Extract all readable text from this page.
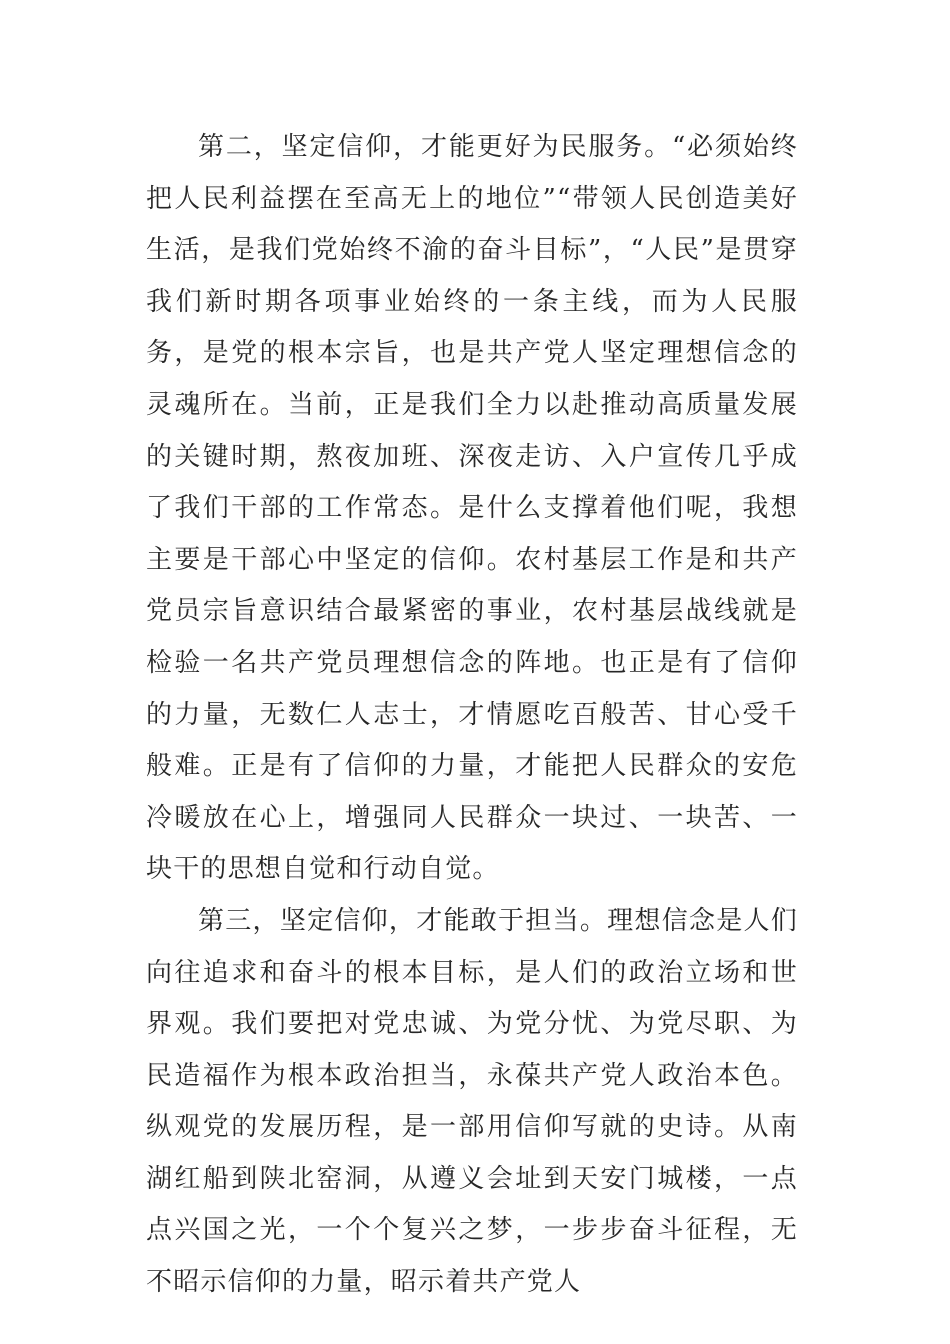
第二，坚定信仰，才能更好为民服务。“必须始终把人民利益摆在至高无上的地位”“带领人民创造美好生活，是我们党始终不渝的奋斗目标”，“人民”是贯穿我们新时期各项事业始终的一条主线，而为人民服务，是党的根本宗旨，也是共产党人坚定理想信念的灵魂所在。当前，正是我们全力以赴推动高质量发展的关键时期，熬夜加班、深夜走访、入户宣传几乎成了我们干部的工作常态。是什么支撑着他们呢，我想主要是干部心中坚定的信仰。农村基层工作是和共产党员宗旨意识结合最紧密的事业，农村基层战线就是检验一名共产党员理想信念的阵地。也正是有了信仰的力量，无数仁人志士，才情愿吃百般苦、甘心受千般难。正是有了信仰的力量，才能把人民群众的安危冷暖放在心上，增强同人民群众一块过、一块苦、一块干的思想自觉和行动自觉。

第三，坚定信仰，才能敢于担当。理想信念是人们向往追求和奋斗的根本目标，是人们的政治立场和世界观。我们要把对党忠诚、为党分忧、为党尽职、为民造福作为根本政治担当，永葆共产党人政治本色。纵观党的发展历程，是一部用信仰写就的史诗。从南湖红船到陕北窑洞，从遵义会址到天安门城楼，一点点兴国之光，一个个复兴之梦，一步步奋斗征程，无不昭示信仰的力量，昭示着共产党人
